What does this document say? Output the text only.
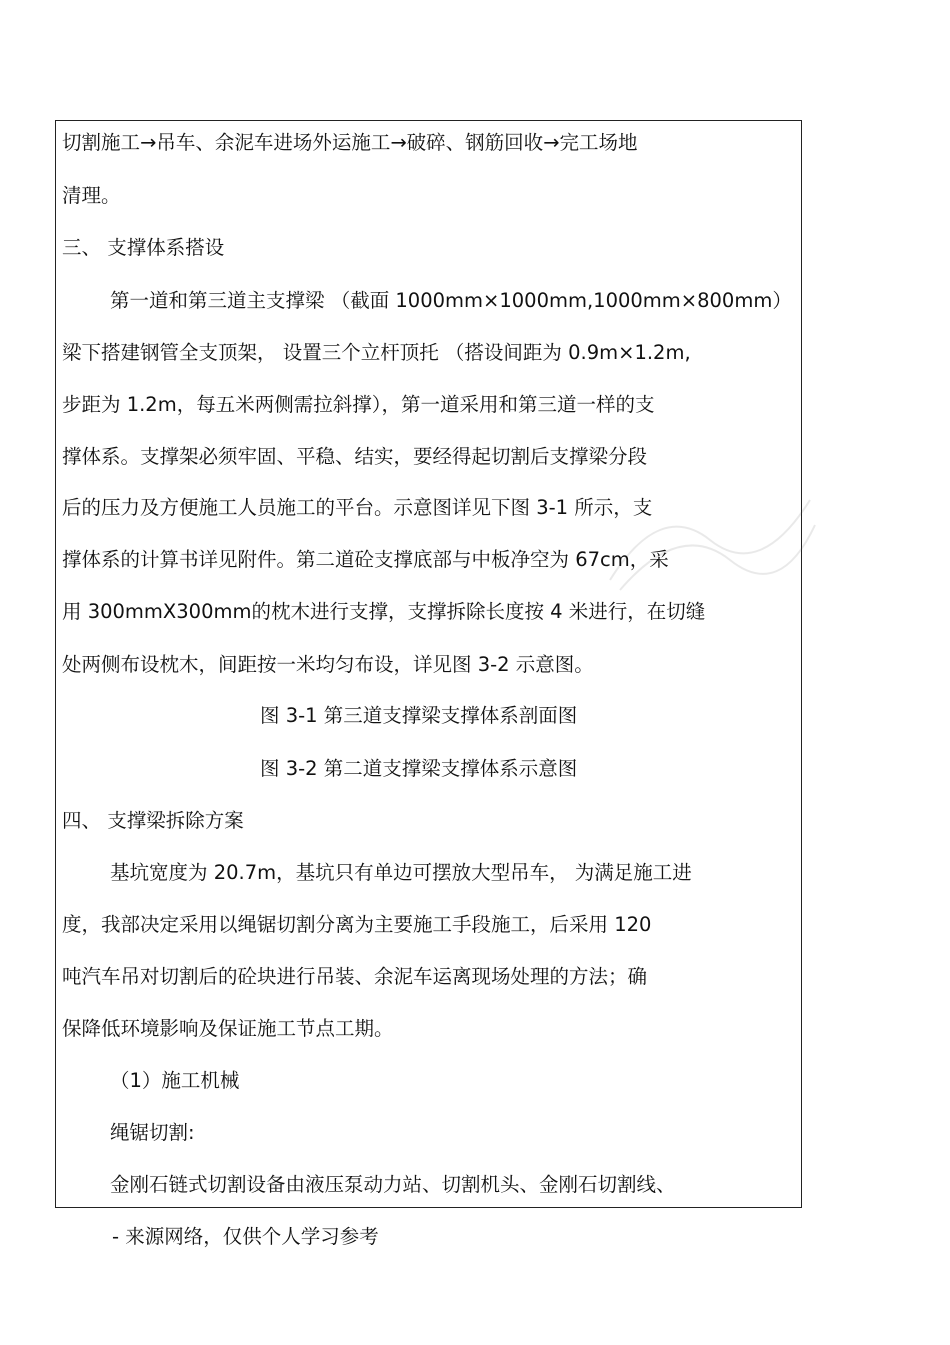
切割施工→吊车、余泥车进场外运施工→破碎、钢筋回收→完工场地
清理。
三、 支撑体系搭设
第一道和第三道主支撑梁 （截面 1000mm×1000mm,1000mm×800mm）
梁下搭建钢管全支顶架， 设置三个立杆顶托 （搭设间距为 0.9m×1.2m,
步距为 1.2m，每五米两侧需拉斜撑），第一道采用和第三道一样的支
撑体系。支撑架必须牢固、平稳、结实，要经得起切割后支撑梁分段
后的压力及方便施工人员施工的平台。示意图详见下图 3-1 所示，支
撑体系的计算书详见附件。第二道砼支撑底部与中板净空为 67cm，采
用 300mmX300mm的枕木进行支撑，支撑拆除长度按 4 米进行，在切缝
处两侧布设枕木，间距按一米均匀布设，详见图 3-2 示意图。
图 3-1 第三道支撑梁支撑体系剖面图
图 3-2 第二道支撑梁支撑体系示意图
四、 支撑梁拆除方案
基坑宽度为 20.7m，基坑只有单边可摆放大型吊车， 为满足施工进
度，我部决定采用以绳锯切割分离为主要施工手段施工，后采用 120
吨汽车吊对切割后的砼块进行吊装、余泥车运离现场处理的方法；确
保降低环境影响及保证施工节点工期。
（1）施工机械
绳锯切割:
金刚石链式切割设备由液压泵动力站、切割机头、金刚石切割线、
- 来源网络，仅供个人学习参考
